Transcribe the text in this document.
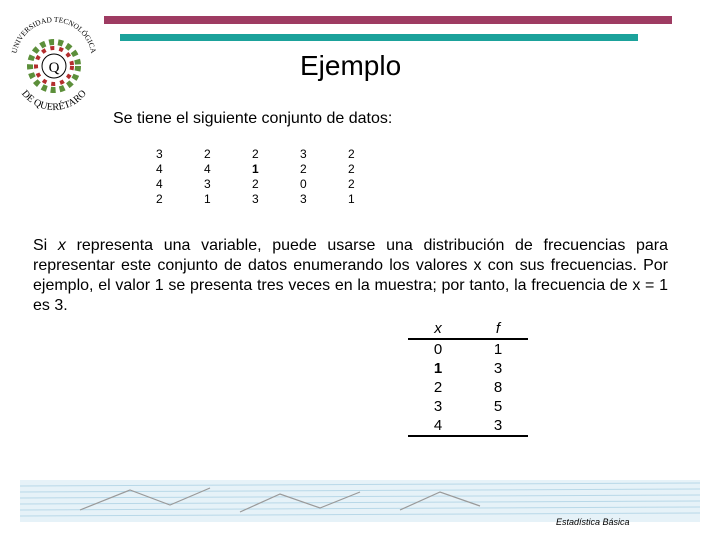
UNIVERSIDAD TECNOLÓGICA
Q
DE QUERÉTARO
Ejemplo
Se tiene el siguiente conjunto de datos:
3	2	2	3	2
4	4	1	2	2
4	3	2	0	2
2	1	3	3	1
Si x representa una variable, puede usarse una distribución de frecuencias para representar este conjunto de datos enumerando los valores x con sus frecuencias. Por ejemplo, el valor 1 se presenta tres veces en la muestra; por tanto, la frecuencia de x = 1 es 3.
x	f
0	1
1	3
2	8
3	5
4	3
Estadística Básica
